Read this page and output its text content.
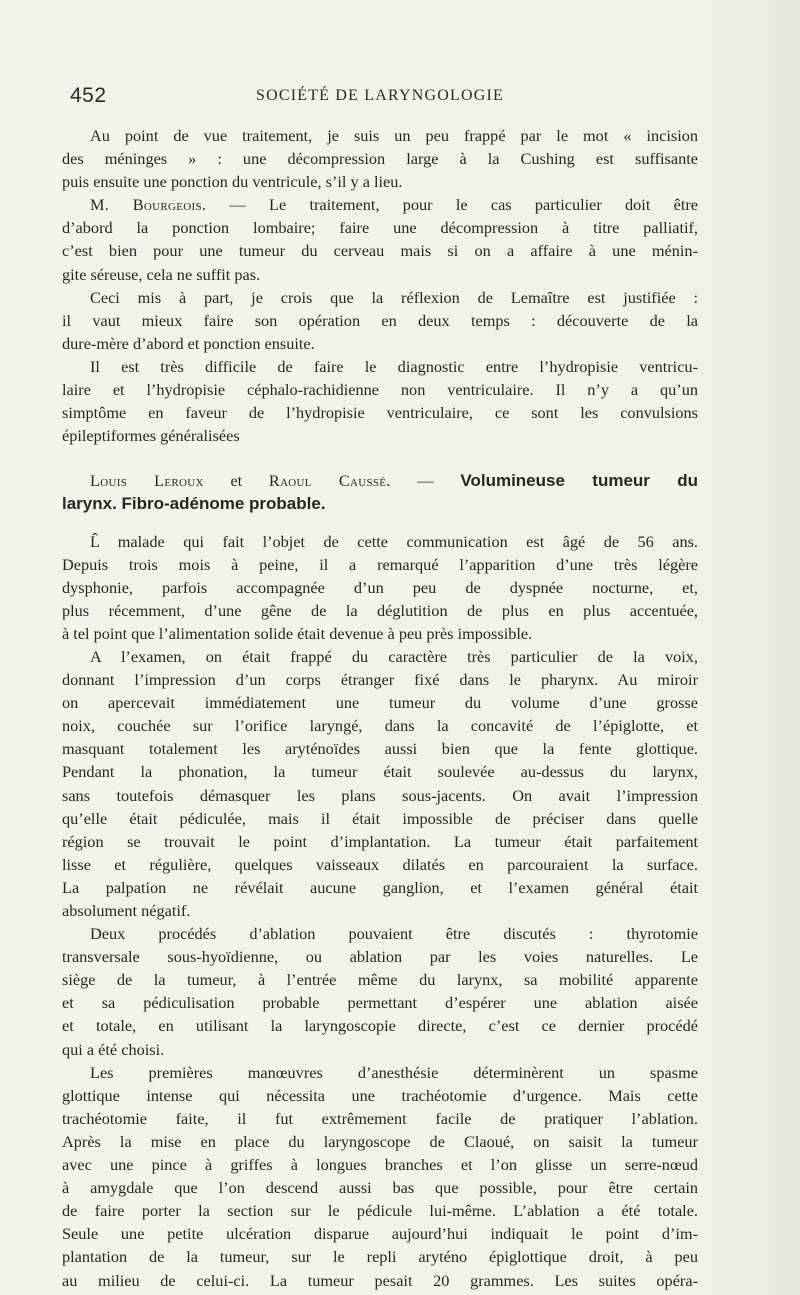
452	SOCIÉTÉ DE LARYNGOLOGIE
Au point de vue traitement, je suis un peu frappé par le mot « incision
des méninges » : une décompression large à la Cushing est suffisante
puis ensuite une ponction du ventricule, s’il y a lieu.
M. Bourgeois. — Le traitement, pour le cas particulier doit être
d’abord la ponction lombaire; faire une décompression à titre palliatif,
c’est bien pour une tumeur du cerveau mais si on a affaire à une ménin-
gite séreuse, cela ne suffit pas.
Ceci mis à part, je crois que la réflexion de Lemaître est justifiée :
il vaut mieux faire son opération en deux temps : découverte de la
dure-mère d’abord et ponction ensuite.
Il est très difficile de faire le diagnostic entre l’hydropisie ventricu-
laire et l’hydropisie céphalo-rachidienne non ventriculaire. Il n’y a qu’un
simptôme en faveur de l’hydropisie ventriculaire, ce sont les convulsions
épileptiformes généralisées
Louis Leroux et Raoul Caussé. — Volumineuse tumeur du
larynx. Fibro-adénome probable.
L̂ malade qui fait l’objet de cette communication est âgé de 56 ans.
Depuis trois mois à peine, il a remarqué l’apparition d’une très légère
dysphonie, parfois accompagnée d’un peu de dyspnée nocturne, et,
plus récemment, d’une gêne de la déglutition de plus en plus accentuée,
à tel point que l’alimentation solide était devenue à peu près impossible.
A l’examen, on était frappé du caractère très particulier de la voix,
donnant l’impression d’un corps étranger fixé dans le pharynx. Au miroir
on apercevait immédiatement une tumeur du volume d’une grosse
noix, couchée sur l’orifice laryngé, dans la concavité de l’épiglotte, et
masquant totalement les aryténoïdes aussi bien que la fente glottique.
Pendant la phonation, la tumeur était soulevée au-dessus du larynx,
sans toutefois démasquer les plans sous-jacents. On avait l’impression
qu’elle était pédiculée, mais il était impossible de préciser dans quelle
région se trouvait le point d’implantation. La tumeur était parfaitement
lisse et régulière, quelques vaisseaux dilatés en parcouraient la surface.
La palpation ne révélait aucune ganglion, et l’examen général était
absolument négatif.
Deux procédés d’ablation pouvaient être discutés : thyrotomie
transversale sous-hyoïdienne, ou ablation par les voies naturelles. Le
siège de la tumeur, à l’entrée même du larynx, sa mobilité apparente
et sa pédiculisation probable permettant d’espérer une ablation aisée
et totale, en utilisant la laryngoscopie directe, c’est ce dernier procédé
qui a été choisi.
Les premières manœuvres d’anesthésie déterminèrent un spasme
glottique intense qui nécessita une trachéotomie d’urgence. Mais cette
trachéotomie faite, il fut extrêmement facile de pratiquer l’ablation.
Après la mise en place du laryngoscope de Claoué, on saisit la tumeur
avec une pince à griffes à longues branches et l’on glisse un serre-nœud
à amygdale que l’on descend aussi bas que possible, pour être certain
de faire porter la section sur le pédicule lui-même. L’ablation a été totale.
Seule une petite ulcération disparue aujourd’hui indiquait le point d’im-
plantation de la tumeur, sur le repli aryténo épiglottique droit, à peu
au milieu de celui-ci. La tumeur pesait 20 grammes. Les suites opéra-
